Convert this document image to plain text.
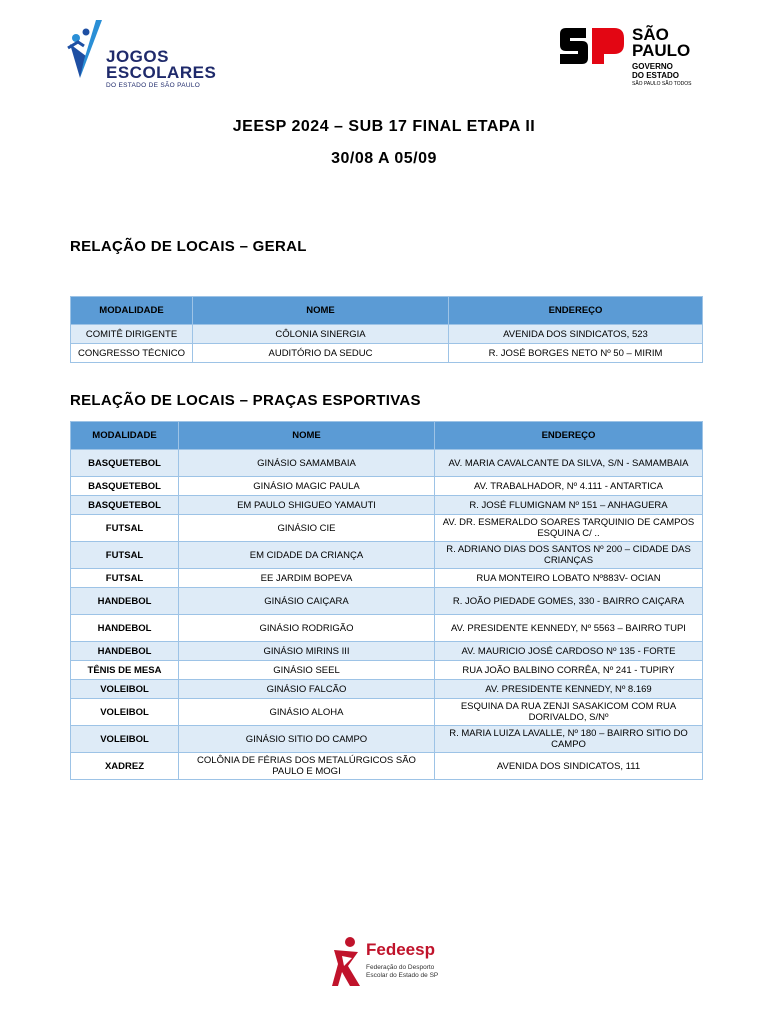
JOGOS
ESCOLARES
DO ESTADO DE SÃO PAULO
SÃO
PAULO
GOVERNO
DO ESTADO
SÃO PAULO SÃO TODOS
JEESP 2024 – SUB 17 FINAL ETAPA II
30/08 A 05/09
RELAÇÃO DE LOCAIS – GERAL
MODALIDADE	NOME	ENDEREÇO
COMITÊ DIRIGENTE	CÔLONIA SINERGIA	AVENIDA DOS SINDICATOS, 523
CONGRESSO TÉCNICO	AUDITÓRIO DA SEDUC	R. JOSÉ BORGES NETO Nº 50 – MIRIM
RELAÇÃO DE LOCAIS – PRAÇAS ESPORTIVAS
MODALIDADE	NOME	ENDEREÇO
BASQUETEBOL	GINÁSIO SAMAMBAIA	AV. MARIA CAVALCANTE DA SILVA, S/N - SAMAMBAIA
BASQUETEBOL	GINÁSIO MAGIC PAULA	AV. TRABALHADOR, Nº 4.111 - ANTARTICA
BASQUETEBOL	EM PAULO SHIGUEO YAMAUTI	R. JOSÉ FLUMIGNAM Nº 151 – ANHAGUERA
FUTSAL	GINÁSIO CIE	AV. DR. ESMERALDO SOARES TARQUINIO DE CAMPOS ESQUINA C/ ..
FUTSAL	EM CIDADE DA CRIANÇA	R. ADRIANO DIAS DOS SANTOS Nº 200 – CIDADE DAS CRIANÇAS
FUTSAL	EE JARDIM BOPEVA	RUA MONTEIRO LOBATO Nº883V- OCIAN
HANDEBOL	GINÁSIO CAIÇARA	R. JOÃO PIEDADE GOMES, 330 - BAIRRO CAIÇARA
HANDEBOL	GINÁSIO RODRIGÃO	AV. PRESIDENTE KENNEDY, Nº 5563 – BAIRRO TUPI
HANDEBOL	GINÁSIO MIRINS III	AV. MAURICIO JOSÉ CARDOSO Nº 135 - FORTE
TÊNIS DE MESA	GINÁSIO SEEL	RUA JOÃO BALBINO CORRÊA, Nº 241 - TUPIRY
VOLEIBOL	GINÁSIO FALCÃO	AV. PRESIDENTE KENNEDY, Nº 8.169
VOLEIBOL	GINÁSIO ALOHA	ESQUINA DA RUA ZENJI SASAKICOM COM RUA DORIVALDO, S/Nº
VOLEIBOL	GINÁSIO SITIO DO CAMPO	R. MARIA LUIZA LAVALLE, Nº 180 – BAIRRO SITIO DO CAMPO
XADREZ	COLÔNIA DE FÉRIAS DOS METALÚRGICOS SÃO PAULO E MOGI	AVENIDA DOS SINDICATOS, 111
Fedeesp
Federação do Desporto
Escolar do Estado de SP
